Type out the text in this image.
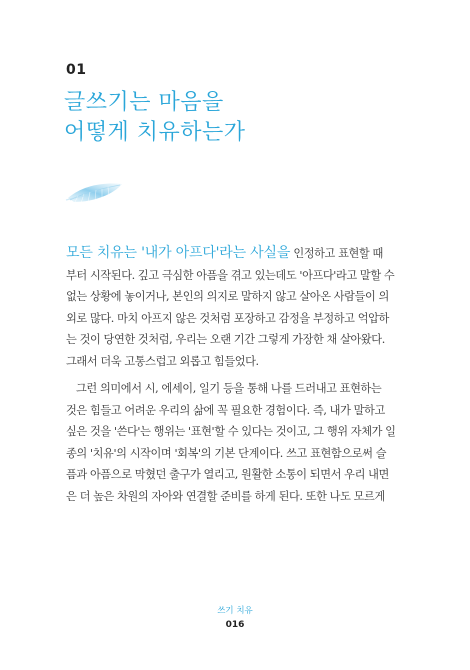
01
글쓰기는 마음을
어떻게 치유하는가

모든 치유는 '내가 아프다'라는 사실을 인정하고 표현할 때
부터 시작된다. 깊고 극심한 아픔을 겪고 있는데도 '아프다'라고 말할 수
없는 상황에 놓이거나, 본인의 의지로 말하지 않고 살아온 사람들이 의
외로 많다. 마치 아프지 않은 것처럼 포장하고 감정을 부정하고 억압하
는 것이 당연한 것처럼, 우리는 오랜 기간 그렇게 가장한 채 살아왔다.
그래서 더욱 고통스럽고 외롭고 힘들었다.

그런 의미에서 시, 에세이, 일기 등을 통해 나를 드러내고 표현하는
것은 힘들고 어려운 우리의 삶에 꼭 필요한 경험이다. 즉, 내가 말하고
싶은 것을 '쓴다'는 행위는 '표현'할 수 있다는 것이고, 그 행위 자체가 일
종의 '치유'의 시작이며 '회복'의 기본 단계이다. 쓰고 표현함으로써 슬
픔과 아픔으로 막혔던 출구가 열리고, 원활한 소통이 되면서 우리 내면
은 더 높은 차원의 자아와 연결할 준비를 하게 된다. 또한 나도 모르게

쓰기 치유
016
